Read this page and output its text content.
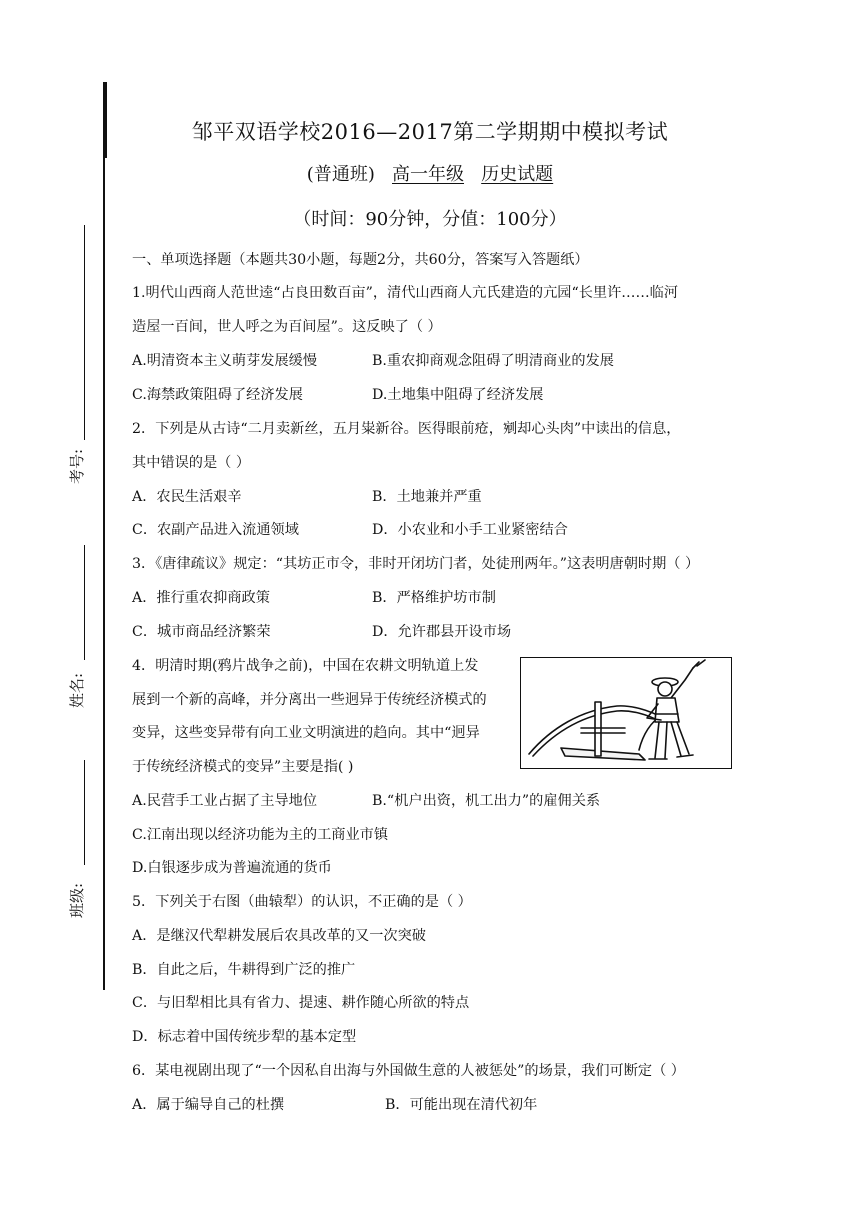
考号:
姓名:
班级:
邹平双语学校2016—2017第二学期期中模拟考试
(普通班) 高一年级 历史试题
（时间：90分钟，分值：100分）
一、单项选择题（本题共30小题，每题2分，共60分，答案写入答题纸）
1.明代山西商人范世逵“占良田数百亩”，清代山西商人亢氏建造的亢园“长里许……临河
造屋一百间，世人呼之为百间屋”。这反映了（ ）
A.明清资本主义萌芽发展缓慢	B.重农抑商观念阻碍了明清商业的发展
C.海禁政策阻碍了经济发展	D.土地集中阻碍了经济发展
2．下列是从古诗“二月卖新丝，五月粜新谷。医得眼前疮，剜却心头肉”中读出的信息，
其中错误的是（ ）
A．农民生活艰辛	B．土地兼并严重
C．农副产品进入流通领域	D．小农业和小手工业紧密结合
3．《唐律疏议》规定：“其坊正市令，非时开闭坊门者，处徒刑两年。”这表明唐朝时期（ ）
A．推行重农抑商政策	B．严格维护坊市制
C．城市商品经济繁荣	D．允许郡县开设市场
4．明清时期(鸦片战争之前)，中国在农耕文明轨道上发
展到一个新的高峰，并分离出一些迥异于传统经济模式的
变异，这些变异带有向工业文明演进的趋向。其中“迥异
于传统经济模式的变异”主要是指( )
A.民营手工业占据了主导地位	B.“机户出资，机工出力”的雇佣关系
C.江南出现以经济功能为主的工商业市镇
D.白银逐步成为普遍流通的货币
5．下列关于右图（曲辕犁）的认识，不正确的是（ ）
A．是继汉代犁耕发展后农具改革的又一次突破
B．自此之后，牛耕得到广泛的推广
C．与旧犁相比具有省力、提速、耕作随心所欲的特点
D．标志着中国传统步犁的基本定型
6．某电视剧出现了“一个因私自出海与外国做生意的人被惩处”的场景，我们可断定（ ）
A．属于编导自己的杜撰	B．可能出现在清代初年
